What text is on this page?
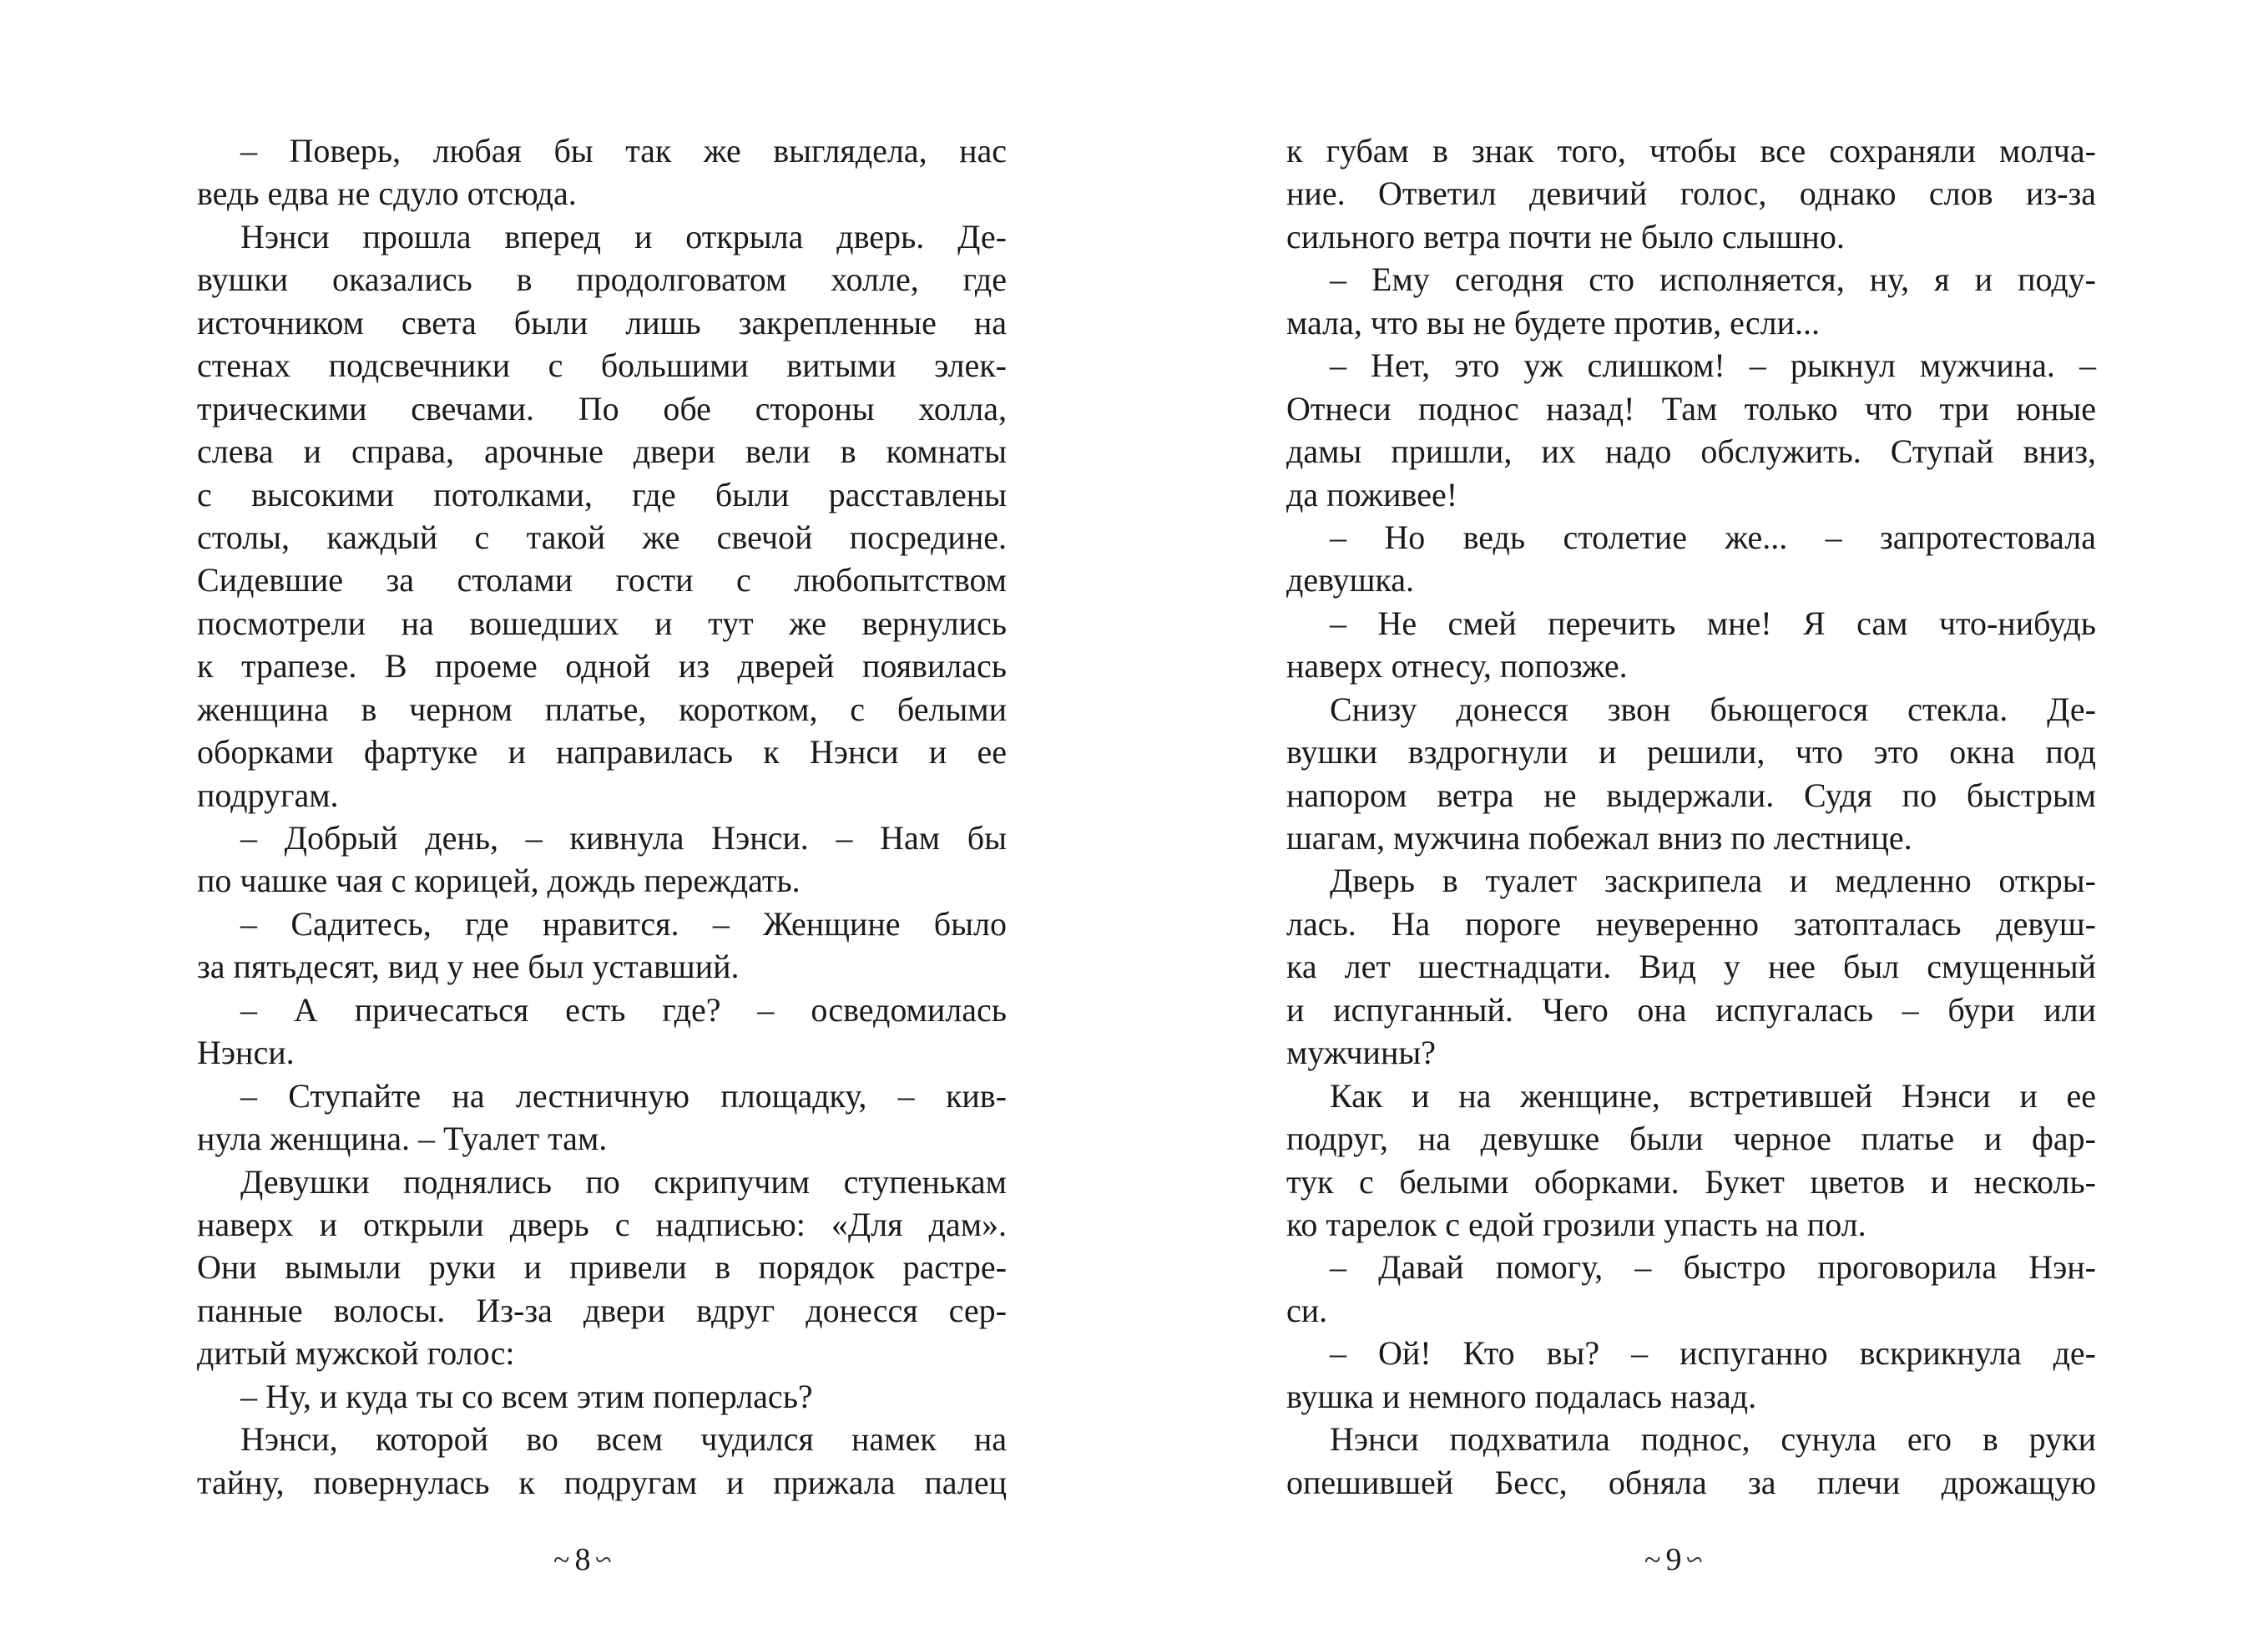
– Поверь, любая бы так же выглядела, нас
ведь едва не сдуло отсюда.
Нэнси прошла вперед и открыла дверь. Де-
вушки оказались в продолговатом холле, где
источником света были лишь закрепленные на
стенах подсвечники с большими витыми элек-
трическими свечами. По обе стороны холла,
слева и справа, арочные двери вели в комнаты
с высокими потолками, где были расставлены
столы, каждый с такой же свечой посредине.
Сидевшие за столами гости с любопытством
посмотрели на вошедших и тут же вернулись
к трапезе. В проеме одной из дверей появилась
женщина в черном платье, коротком, с белыми
оборками фартуке и направилась к Нэнси и ее
подругам.
– Добрый день, – кивнула Нэнси. – Нам бы
по чашке чая с корицей, дождь переждать.
– Садитесь, где нравится. – Женщине было
за пятьдесят, вид у нее был уставший.
– А причесаться есть где? – осведомилась
Нэнси.
– Ступайте на лестничную площадку, – кив-
нула женщина. – Туалет там.
Девушки поднялись по скрипучим ступенькам
наверх и открыли дверь с надписью: «Для дам».
Они вымыли руки и привели в порядок растре-
панные волосы. Из-за двери вдруг донесся сер-
дитый мужской голос:
– Ну, и куда ты со всем этим поперлась?
Нэнси, которой во всем чудился намек на
тайну, повернулась к подругам и прижала палец
к губам в знак того, чтобы все сохраняли молча-
ние. Ответил девичий голос, однако слов из-за
сильного ветра почти не было слышно.
– Ему сегодня сто исполняется, ну, я и поду-
мала, что вы не будете против, если...
– Нет, это уж слишком! – рыкнул мужчина. –
Отнеси поднос назад! Там только что три юные
дамы пришли, их надо обслужить. Ступай вниз,
да поживее!
– Но ведь столетие же... – запротестовала
девушка.
– Не смей перечить мне! Я сам что-нибудь
наверх отнесу, попозже.
Снизу донесся звон бьющегося стекла. Де-
вушки вздрогнули и решили, что это окна под
напором ветра не выдержали. Судя по быстрым
шагам, мужчина побежал вниз по лестнице.
Дверь в туалет заскрипела и медленно откры-
лась. На пороге неуверенно затопталась девуш-
ка лет шестнадцати. Вид у нее был смущенный
и испуганный. Чего она испугалась – бури или
мужчины?
Как и на женщине, встретившей Нэнси и ее
подруг, на девушке были черное платье и фар-
тук с белыми оборками. Букет цветов и несколь-
ко тарелок с едой грозили упасть на пол.
– Давай помогу, – быстро проговорила Нэн-
си.
– Ой! Кто вы? – испуганно вскрикнула де-
вушка и немного подалась назад.
Нэнси подхватила поднос, сунула его в руки
опешившей Бесс, обняла за плечи дрожащую
~ 8 ~	~ 9 ~
